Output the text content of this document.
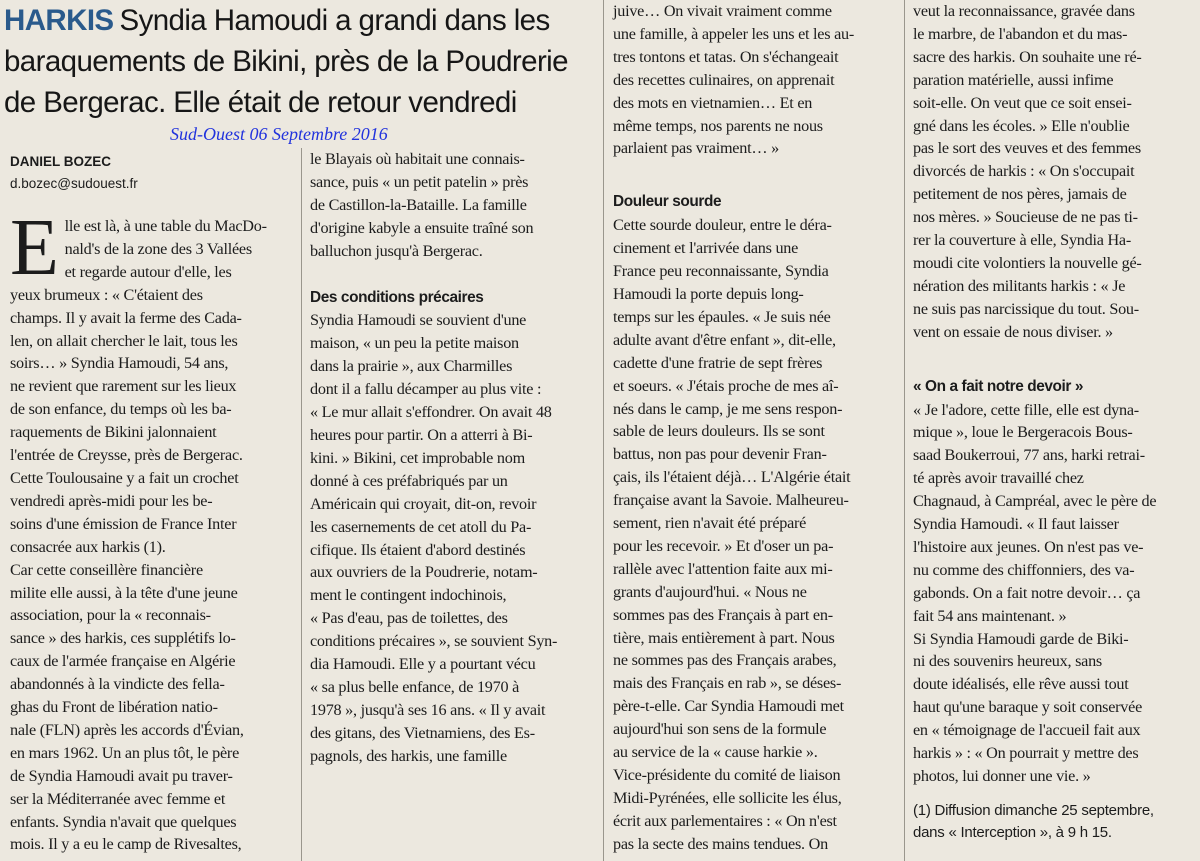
HARKIS Syndia Hamoudi a grandi dans les baraquements de Bikini, près de la Poudrerie de Bergerac. Elle était de retour vendredi
Sud-Ouest 06 Septembre 2016
DANIEL BOZEC
d.bozec@sudouest.fr
E lle est là, à une table du MacDo-

nald's de la zone des 3 Vallées

et regarde autour d'elle, les

yeux brumeux : « C'étaient des

champs. Il y avait la ferme des Cada-

len, on allait chercher le lait, tous les

soirs… » Syndia Hamoudi, 54 ans,

ne revient que rarement sur les lieux

de son enfance, du temps où les ba-

raquements de Bikini jalonnaient

l'entrée de Creysse, près de Bergerac.

Cette Toulousaine y a fait un crochet

vendredi après-midi pour les be-

soins d'une émission de France Inter

consacrée aux harkis (1).

Car cette conseillère financière

milite elle aussi, à la tête d'une jeune

association, pour la « reconnais-

sance » des harkis, ces supplétifs lo-

caux de l'armée française en Algérie

abandonnés à la vindicte des fella-

ghas du Front de libération natio-

nale (FLN) après les accords d'Évian,

en mars 1962. Un an plus tôt, le père

de Syndia Hamoudi avait pu traver-

ser la Méditerranée avec femme et

enfants. Syndia n'avait que quelques

mois. Il y a eu le camp de Rivesaltes,

le Blayais où habitait une connais-

sance, puis « un petit patelin » près

de Castillon-la-Bataille. La famille

d'origine kabyle a ensuite traîné son

balluchon jusqu'à Bergerac.

Des conditions précaires

Syndia Hamoudi se souvient d'une

maison, « un peu la petite maison

dans la prairie », aux Charmilles

dont il a fallu décamper au plus vite :

« Le mur allait s'effondrer. On avait 48

heures pour partir. On a atterri à Bi-

kini. » Bikini, cet improbable nom

donné à ces préfabriqués par un

Américain qui croyait, dit-on, revoir

les casernements de cet atoll du Pa-

cifique. Ils étaient d'abord destinés

aux ouvriers de la Poudrerie, notam-

ment le contingent indochinois,

« Pas d'eau, pas de toilettes, des

conditions précaires », se souvient Syn-

dia Hamoudi. Elle y a pourtant vécu

« sa plus belle enfance, de 1970 à

1978 », jusqu'à ses 16 ans. « Il y avait

des gitans, des Vietnamiens, des Es-

pagnols, des harkis, une famille

juive… On vivait vraiment comme

une famille, à appeler les uns et les au-

tres tontons et tatas. On s'échangeait

des recettes culinaires, on apprenait

des mots en vietnamien… Et en

même temps, nos parents ne nous

parlaient pas vraiment… »

Douleur sourde

Cette sourde douleur, entre le déra-

cinement et l'arrivée dans une

France peu reconnaissante, Syndia

Hamoudi la porte depuis long-

temps sur les épaules. « Je suis née

adulte avant d'être enfant », dit-elle,

cadette d'une fratrie de sept frères

et soeurs. « J'étais proche de mes aî-

nés dans le camp, je me sens respon-

sable de leurs douleurs. Ils se sont

battus, non pas pour devenir Fran-

çais, ils l'étaient déjà… L'Algérie était

française avant la Savoie. Malheureu-

sement, rien n'avait été préparé

pour les recevoir. » Et d'oser un pa-

rallèle avec l'attention faite aux mi-

grants d'aujourd'hui. « Nous ne

sommes pas des Français à part en-

tière, mais entièrement à part. Nous

ne sommes pas des Français arabes,

mais des Français en rab », se déses-

père-t-elle. Car Syndia Hamoudi met

aujourd'hui son sens de la formule

au service de la « cause harkie ».

Vice-présidente du comité de liaison

Midi-Pyrénées, elle sollicite les élus,

écrit aux parlementaires : « On n'est

pas la secte des mains tendues. On

veut la reconnaissance, gravée dans

le marbre, de l'abandon et du mas-

sacre des harkis. On souhaite une ré-

paration matérielle, aussi infime

soit-elle. On veut que ce soit ensei-

gné dans les écoles. » Elle n'oublie

pas le sort des veuves et des femmes

divorcés de harkis : « On s'occupait

petitement de nos pères, jamais de

nos mères. » Soucieuse de ne pas ti-

rer la couverture à elle, Syndia Ha-

moudi cite volontiers la nouvelle gé-

nération des militants harkis : « Je

ne suis pas narcissique du tout. Sou-

vent on essaie de nous diviser. »

« On a fait notre devoir »

« Je l'adore, cette fille, elle est dyna-

mique », loue le Bergeracois Bous-

saad Boukerroui, 77 ans, harki retrai-

té après avoir travaillé chez

Chagnaud, à Campréal, avec le père de

Syndia Hamoudi. « Il faut laisser

l'histoire aux jeunes. On n'est pas ve-

nu comme des chiffonniers, des va-

gabonds. On a fait notre devoir… ça

fait 54 ans maintenant. »

Si Syndia Hamoudi garde de Biki-

ni des souvenirs heureux, sans

doute idéalisés, elle rêve aussi tout

haut qu'une baraque y soit conservée

en « témoignage de l'accueil fait aux

harkis » : « On pourrait y mettre des

photos, lui donner une vie. »

(1) Diffusion dimanche 25 septembre,

dans « Interception », à 9 h 15.
